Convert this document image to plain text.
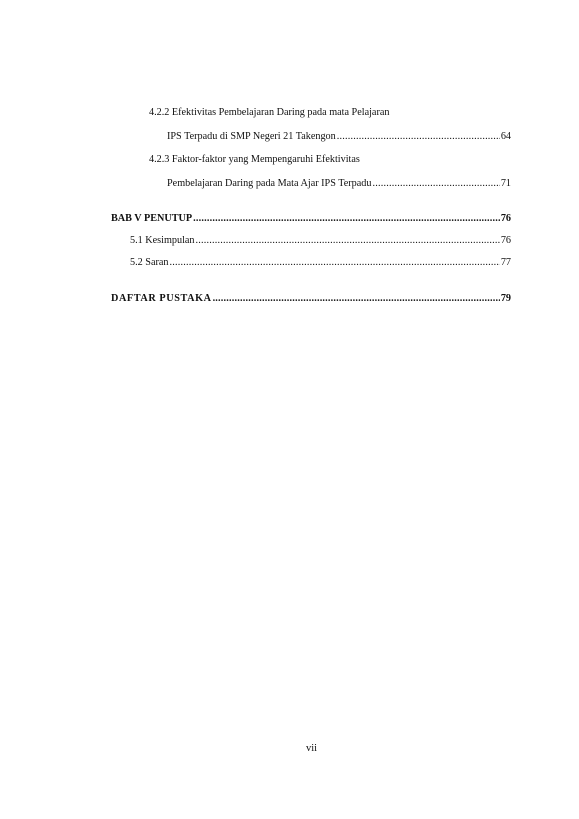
4.2.2 Efektivitas Pembelajaran Daring pada mata Pelajaran
IPS Terpadu di SMP Negeri 21 Takengon .....	64
4.2.3 Faktor-faktor yang Mempengaruhi Efektivitas
Pembelajaran Daring pada Mata Ajar IPS Terpadu .....	71
BAB V PENUTUP .....	76
5.1 Kesimpulan .....	76
5.2 Saran .....	77
DAFTAR PUSTAKA .....	79
vii
